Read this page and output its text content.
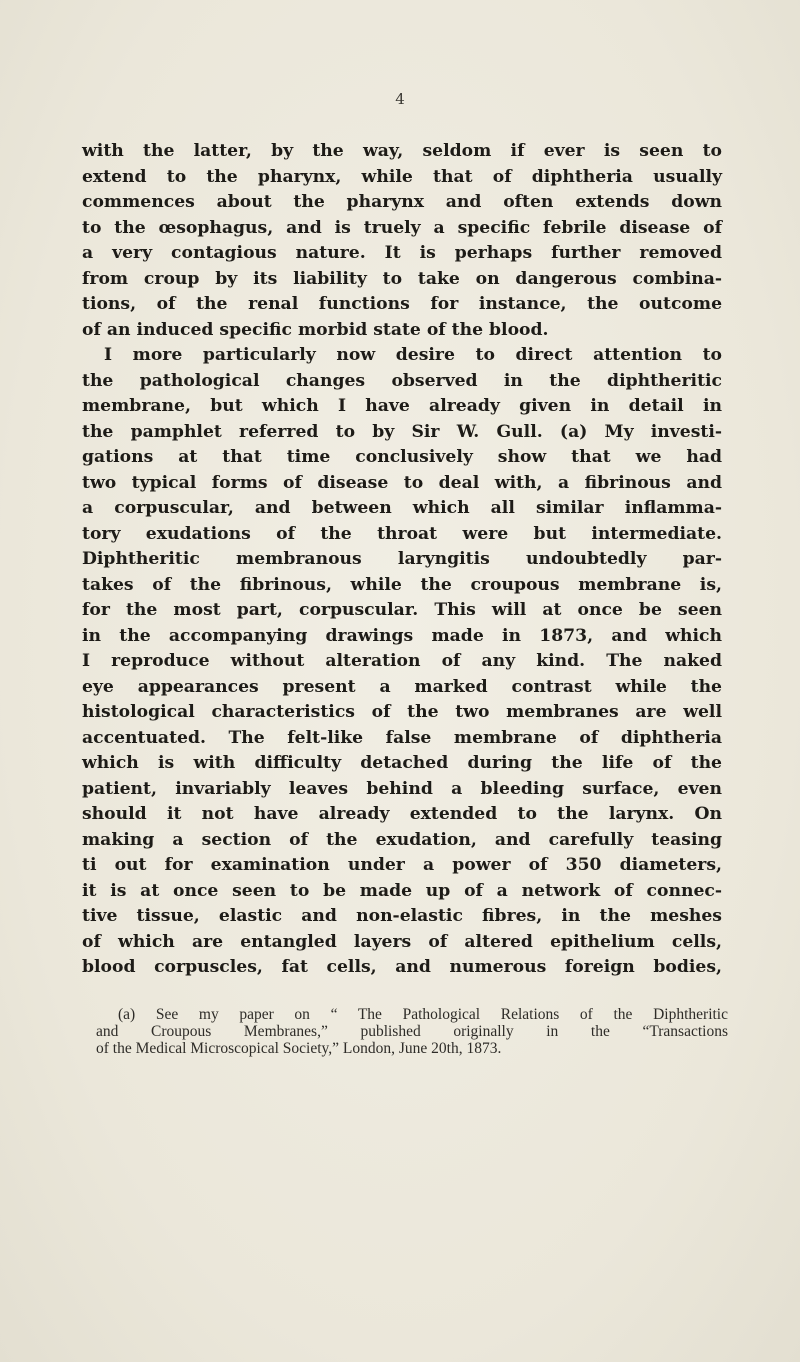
4
with the latter, by the way, seldom if ever is seen to
extend to the pharynx, while that of diphtheria usually
commences about the pharynx and often extends down
to the œsophagus, and is truely a specific febrile disease of
a very contagious nature. It is perhaps further removed
from croup by its liability to take on dangerous combina-
tions, of the renal functions for instance, the outcome
of an induced specific morbid state of the blood.
I more particularly now desire to direct attention to
the pathological changes observed in the diphtheritic
membrane, but which I have already given in detail in
the pamphlet referred to by Sir W. Gull. (a) My investi-
gations at that time conclusively show that we had
two typical forms of disease to deal with, a fibrinous and
a corpuscular, and between which all similar inflamma-
tory exudations of the throat were but intermediate.
Diphtheritic membranous laryngitis undoubtedly par-
takes of the fibrinous, while the croupous membrane is,
for the most part, corpuscular. This will at once be seen
in the accompanying drawings made in 1873, and which
I reproduce without alteration of any kind. The naked
eye appearances present a marked contrast while the
histological characteristics of the two membranes are well
accentuated. The felt-like false membrane of diphtheria
which is with difficulty detached during the life of the
patient, invariably leaves behind a bleeding surface, even
should it not have already extended to the larynx. On
making a section of the exudation, and carefully teasing
ti out for examination under a power of 350 diameters,
it is at once seen to be made up of a network of connec-
tive tissue, elastic and non-elastic fibres, in the meshes
of which are entangled layers of altered epithelium cells,
blood corpuscles, fat cells, and numerous foreign bodies,
(a) See my paper on “ The Pathological Relations of the Diphtheritic
and Croupous Membranes,” published originally in the “Transactions
of the Medical Microscopical Society,” London, June 20th, 1873.
